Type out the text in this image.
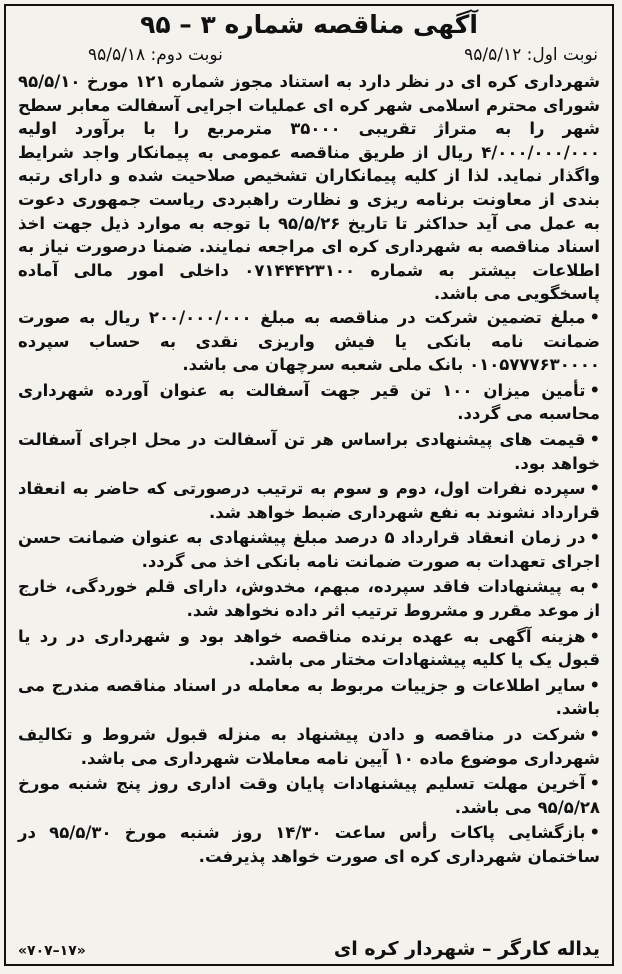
آگهی مناقصه شماره ۳ – ۹۵
نوبت اول: ۹۵/۵/۱۲
نوبت دوم: ۹۵/۵/۱۸

شهرداری کره ای در نظر دارد به استناد مجوز شماره ۱۲۱ مورخ ۹۵/۵/۱۰ شورای محترم اسلامی شهر کره ای عملیات اجرایی آسفالت معابر سطح شهر را به متراژ تقریبی ۳۵۰۰۰ مترمربع را با برآورد اولیه ۴/۰۰۰/۰۰۰/۰۰۰ ریال از طریق مناقصه عمومی به پیمانکار واجد شرایط واگذار نماید. لذا از کلیه پیمانکاران تشخیص صلاحیت شده و دارای رتبه بندی از معاونت برنامه ریزی و نظارت راهبردی ریاست جمهوری دعوت به عمل می آید حداکثر تا تاریخ ۹۵/۵/۲۶ با توجه به موارد ذیل جهت اخذ اسناد مناقصه به شهرداری کره ای مراجعه نمایند. ضمنا درصورت نیاز به اطلاعات بیشتر به شماره ۰۷۱۴۴۴۲۳۱۰۰ داخلی امور مالی آماده پاسخگویی می باشد.

•مبلغ تضمین شرکت در مناقصه به مبلغ ۲۰۰/۰۰۰/۰۰۰ ریال به صورت ضمانت نامه بانکی یا فیش واریزی نقدی به حساب سپرده ۰۱۰۵۷۷۷۶۳۰۰۰۰ بانک ملی شعبه سرچهان می باشد.
•تأمین میزان ۱۰۰ تن قیر جهت آسفالت به عنوان آورده شهرداری محاسبه می گردد.
•قیمت های پیشنهادی براساس هر تن آسفالت در محل اجرای آسفالت خواهد بود.
•سپرده نفرات اول، دوم و سوم به ترتیب درصورتی که حاضر به انعقاد قرارداد نشوند به نفع شهرداری ضبط خواهد شد.
•در زمان انعقاد قرارداد ۵ درصد مبلغ پیشنهادی به عنوان ضمانت حسن اجرای تعهدات به صورت ضمانت نامه بانکی اخذ می گردد.
•به پیشنهادات فاقد سپرده، مبهم، مخدوش، دارای قلم خوردگی، خارج از موعد مقرر و مشروط ترتیب اثر داده نخواهد شد.
•هزینه آگهی به عهده برنده مناقصه خواهد بود و شهرداری در رد یا قبول یک یا کلیه پیشنهادات مختار می باشد.
•سایر اطلاعات و جزییات مربوط به معامله در اسناد مناقصه مندرج می باشد.
•شرکت در مناقصه و دادن پیشنهاد به منزله قبول شروط و تکالیف شهرداری موضوع ماده ۱۰ آیین نامه معاملات شهرداری می باشد.
•آخرین مهلت تسلیم پیشنهادات پایان وقت اداری روز پنج شنبه مورخ ۹۵/۵/۲۸ می باشد.
•بازگشایی پاکات رأس ساعت ۱۴/۳۰ روز شنبه مورخ ۹۵/۵/۳۰ در ساختمان شهرداری کره ای صورت خواهد پذیرفت.
یداله کارگر – شهردار کره ای
«۷۰۷–۱۷»
